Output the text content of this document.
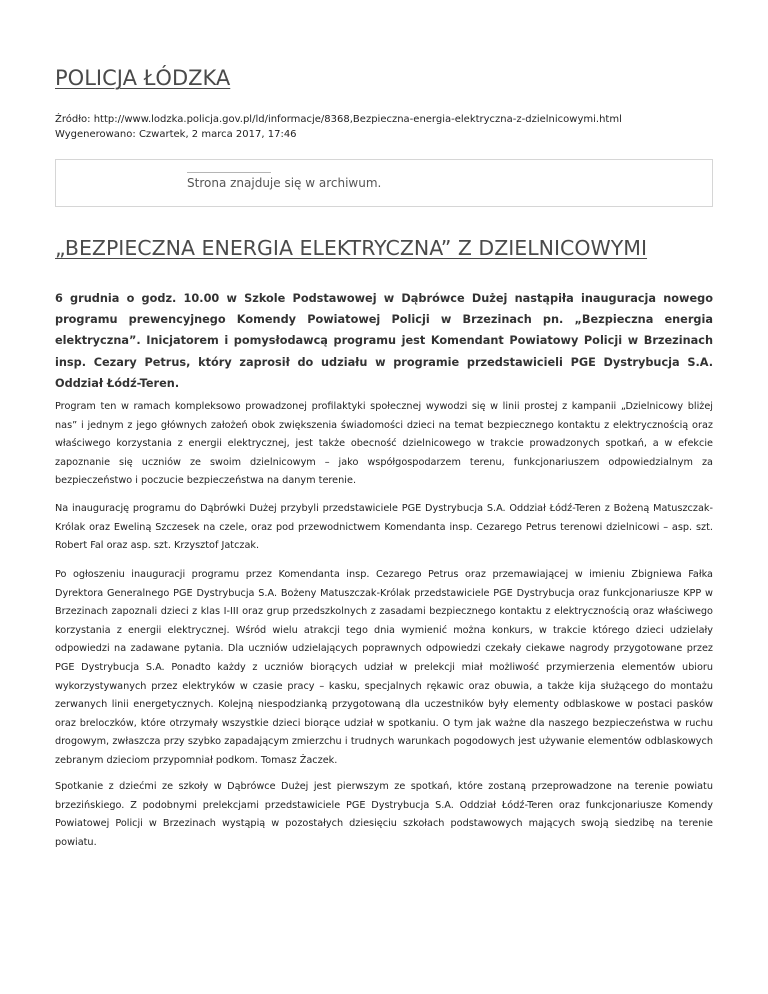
POLICJA ŁÓDZKA
Źródło: http://www.lodzka.policja.gov.pl/ld/informacje/8368,Bezpieczna-energia-elektryczna-z-dzielnicowymi.html
Wygenerowano: Czwartek, 2 marca 2017, 17:46
Strona znajduje się w archiwum.
„BEZPIECZNA ENERGIA ELEKTRYCZNA” Z DZIELNICOWYMI

6 grudnia o godz. 10.00 w Szkole Podstawowej w Dąbrówce Dużej nastąpiła inauguracja nowego programu prewencyjnego Komendy Powiatowej Policji w Brzezinach pn. „Bezpieczna energia elektryczna”. Inicjatorem i pomysłodawcą programu jest Komendant Powiatowy Policji w Brzezinach insp. Cezary Petrus, który zaprosił do udziału w programie przedstawicieli PGE Dystrybucja S.A. Oddział Łódź-Teren.

Program ten w ramach kompleksowo prowadzonej profilaktyki społecznej wywodzi się w linii prostej z kampanii „Dzielnicowy bliżej nas” i jednym z jego głównych założeń obok zwiększenia świadomości dzieci na temat bezpiecznego kontaktu z elektrycznością oraz właściwego korzystania z energii elektrycznej, jest także obecność dzielnicowego w trakcie prowadzonych spotkań, a w efekcie zapoznanie się uczniów ze swoim dzielnicowym – jako współgospodarzem terenu, funkcjonariuszem odpowiedzialnym za bezpieczeństwo i poczucie bezpieczeństwa na danym terenie.

Na inaugurację programu do Dąbrówki Dużej przybyli przedstawiciele PGE Dystrybucja S.A. Oddział Łódź-Teren z Bożeną Matuszczak-Królak oraz Eweliną Szczesek na czele, oraz pod przewodnictwem Komendanta insp. Cezarego Petrus terenowi dzielnicowi – asp. szt. Robert Fal oraz asp. szt. Krzysztof Jatczak.

Po ogłoszeniu inauguracji programu przez Komendanta insp. Cezarego Petrus oraz przemawiającej w imieniu Zbigniewa Fałka Dyrektora Generalnego PGE Dystrybucja S.A. Bożeny Matuszczak-Królak przedstawiciele PGE Dystrybucja oraz funkcjonariusze KPP w Brzezinach zapoznali dzieci z klas I-III oraz grup przedszkolnych z zasadami bezpiecznego kontaktu z elektrycznością oraz właściwego korzystania z energii elektrycznej. Wśród wielu atrakcji tego dnia wymienić można konkurs, w trakcie którego dzieci udzielały odpowiedzi na zadawane pytania. Dla uczniów udzielających poprawnych odpowiedzi czekały ciekawe nagrody przygotowane przez PGE Dystrybucja S.A. Ponadto każdy z uczniów biorących udział w prelekcji miał możliwość przymierzenia elementów ubioru wykorzystywanych przez elektryków w czasie pracy – kasku, specjalnych rękawic oraz obuwia, a także kija służącego do montażu zerwanych linii energetycznych. Kolejną niespodzianką przygotowaną dla uczestników były elementy odblaskowe w postaci pasków oraz breloczków, które otrzymały wszystkie dzieci biorące udział w spotkaniu. O tym jak ważne dla naszego bezpieczeństwa w ruchu drogowym, zwłaszcza przy szybko zapadającym zmierzchu i trudnych warunkach pogodowych jest używanie elementów odblaskowych zebranym dzieciom przypomniał podkom. Tomasz Żaczek.

Spotkanie z dziećmi ze szkoły w Dąbrówce Dużej jest pierwszym ze spotkań, które zostaną przeprowadzone na terenie powiatu brzezińskiego. Z podobnymi prelekcjami przedstawiciele PGE Dystrybucja S.A. Oddział Łódź-Teren oraz funkcjonariusze Komendy Powiatowej Policji w Brzezinach wystąpią w pozostałych dziesięciu szkołach podstawowych mających swoją siedzibę na terenie powiatu.
